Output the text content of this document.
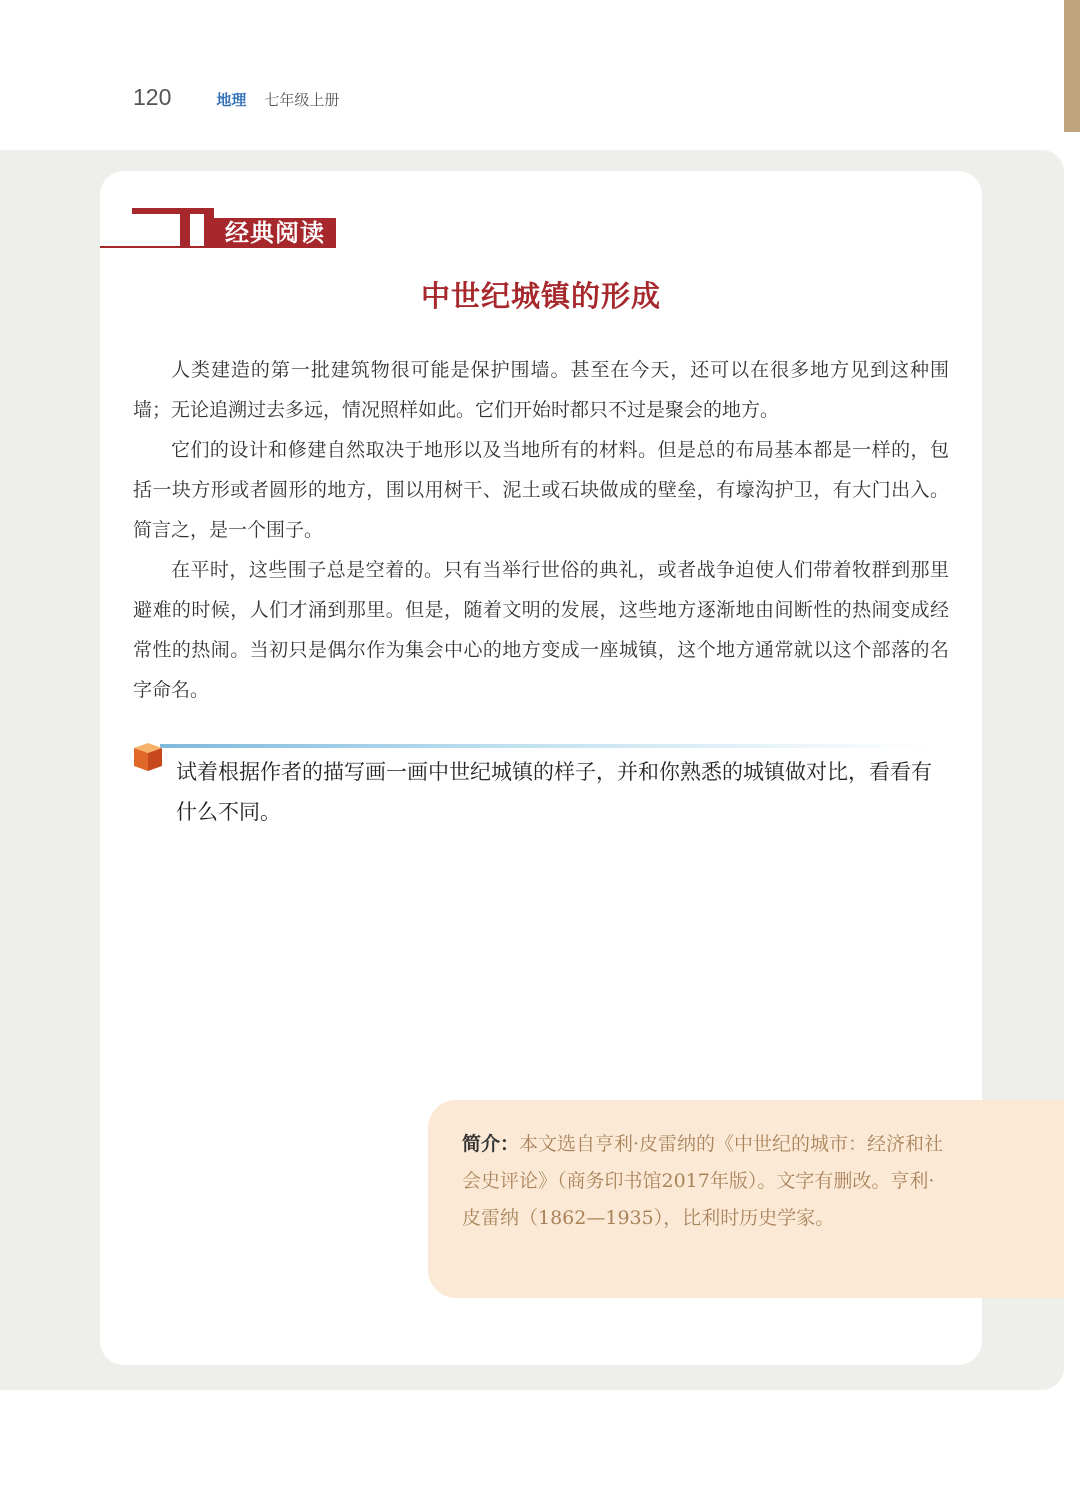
120	地理 七年级上册
经典阅读
中世纪城镇的形成

人类建造的第一批建筑物很可能是保护围墙。甚至在今天，还可以在很多地方见到这种围墙；无论追溯过去多远，情况照样如此。它们开始时都只不过是聚会的地方。

它们的设计和修建自然取决于地形以及当地所有的材料。但是总的布局基本都是一样的，包括一块方形或者圆形的地方，围以用树干、泥土或石块做成的壁垒，有壕沟护卫，有大门出入。简言之，是一个围子。

在平时，这些围子总是空着的。只有当举行世俗的典礼，或者战争迫使人们带着牧群到那里避难的时候，人们才涌到那里。但是，随着文明的发展，这些地方逐渐地由间断性的热闹变成经常性的热闹。当初只是偶尔作为集会中心的地方变成一座城镇，这个地方通常就以这个部落的名字命名。

试着根据作者的描写画一画中世纪城镇的样子，并和你熟悉的城镇做对比，看看有什么不同。
简介：本文选自亨利·皮雷纳的《中世纪的城市：经济和社会史评论》（商务印书馆2017年版）。文字有删改。亨利·皮雷纳（1862—1935），比利时历史学家。
